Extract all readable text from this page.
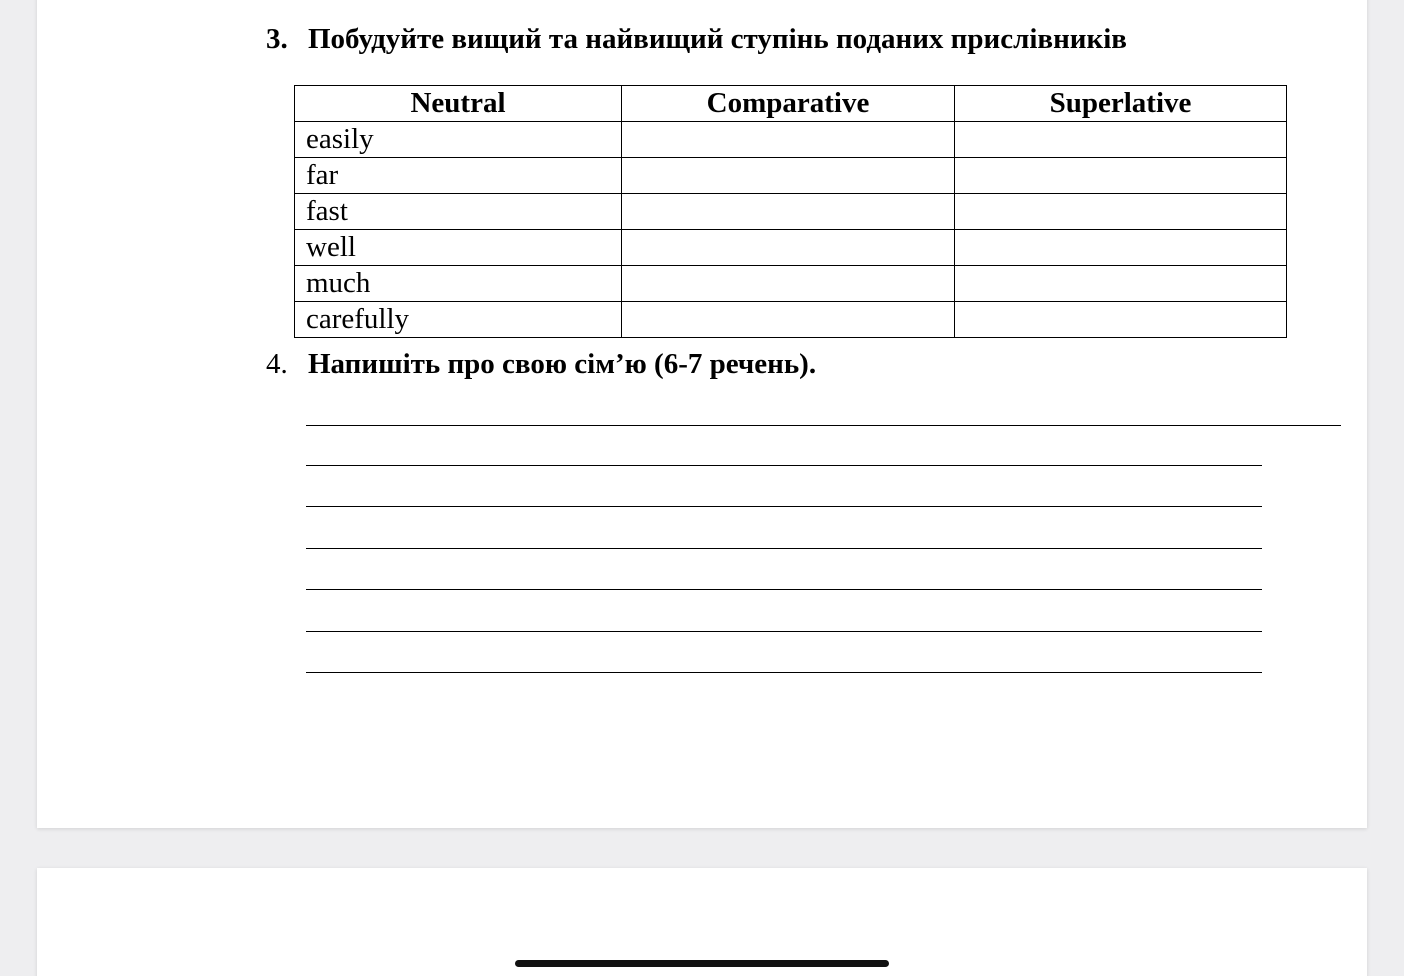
3. Побудуйте вищий та найвищий ступінь поданих прислівників
Neutral	Comparative	Superlative
easily		
far		
fast		
well		
much		
carefully		
4. Напишіть про свою сім’ю (6-7 речень).
